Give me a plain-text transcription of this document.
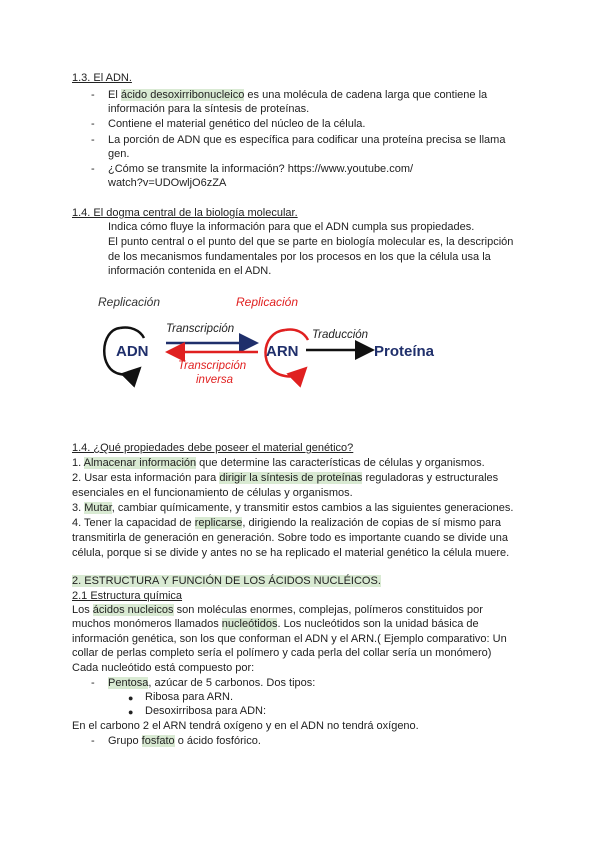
1.3. El ADN.
- El ácido desoxirribonucleico es una molécula de cadena larga que contiene la
información para la síntesis de proteínas.
- Contiene el material genético del núcleo de la célula.
- La porción de ADN que es específica para codificar una proteína precisa se llama
gen.
- ¿Cómo se transmite la información? https://www.youtube.com/
watch?v=UDOwljO6zZA
1.4. El dogma central de la biología molecular.
Indica cómo fluye la información para que el ADN cumpla sus propiedades.
El punto central o el punto del que se parte en biología molecular es, la descripción
de los mecanismos fundamentales por los procesos en los que la célula usa la
información contenida en el ADN.
Replicación	Replicación
ADN
Transcripción
Transcripción
inversa
ARN
Traducción
Proteína
1.4. ¿Qué propiedades debe poseer el material genético?
1. Almacenar información que determine las características de células y organismos.
2. Usar esta información para dirigir la síntesis de proteínas reguladoras y estructurales
esenciales en el funcionamiento de células y organismos.
3. Mutar, cambiar químicamente, y transmitir estos cambios a las siguientes generaciones.
4. Tener la capacidad de replicarse, dirigiendo la realización de copias de sí mismo para
transmitirla de generación en generación. Sobre todo es importante cuando se divide una
célula, porque si se divide y antes no se ha replicado el material genético la célula muere.
2. ESTRUCTURA Y FUNCIÓN DE LOS ÁCIDOS NUCLÉICOS.
2.1 Estructura química
Los ácidos nucleicos son moléculas enormes, complejas, polímeros constituidos por
muchos monómeros llamados nucleótidos. Los nucleótidos son la unidad básica de
información genética, son los que conforman el ADN y el ARN.( Ejemplo comparativo: Un
collar de perlas completo sería el polímero y cada perla del collar sería un monómero)
Cada nucleótido está compuesto por:
- Pentosa, azúcar de 5 carbonos. Dos tipos:
● Ribosa para ARN.
● Desoxirribosa para ADN:
En el carbono 2 el ARN tendrá oxígeno y en el ADN no tendrá oxígeno.
- Grupo fosfato o ácido fosfórico.
